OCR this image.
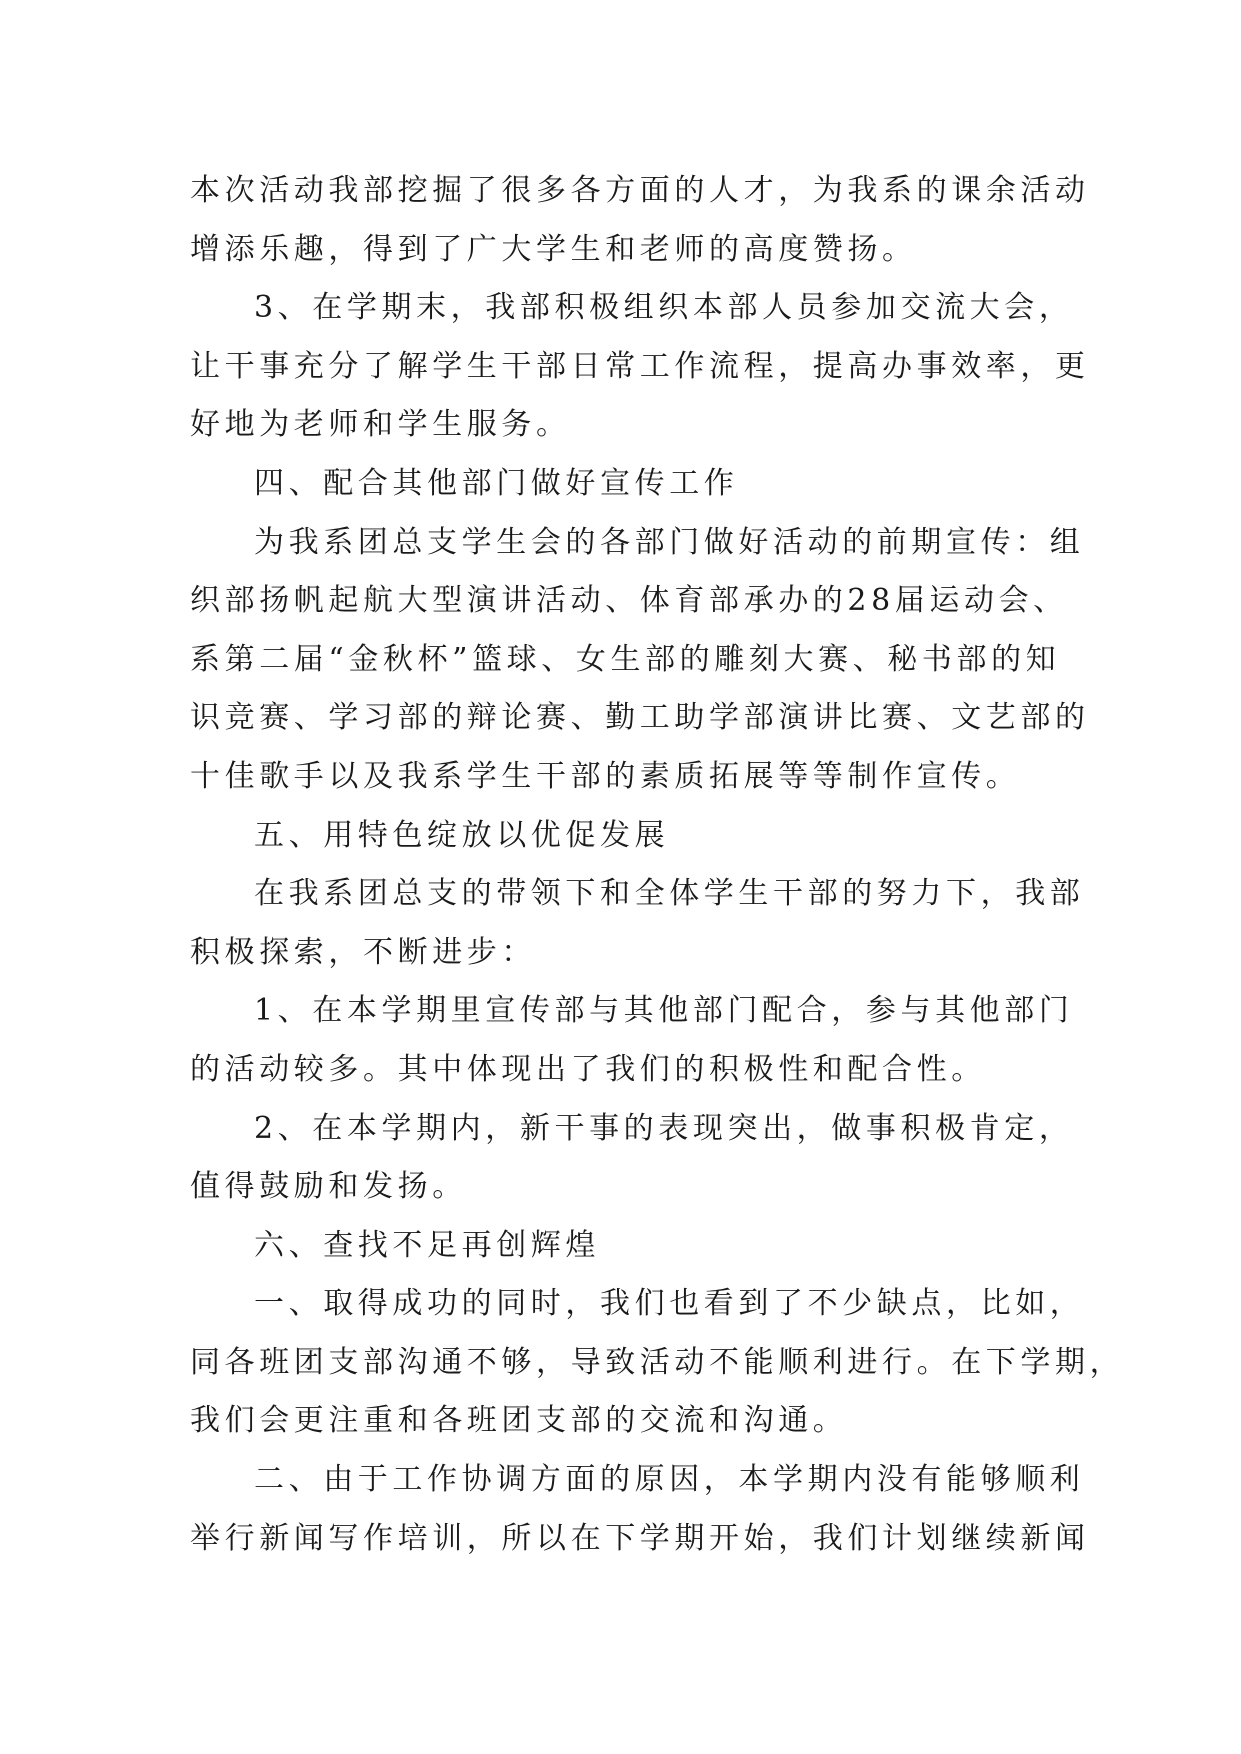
本次活动我部挖掘了很多各方面的人才，为我系的课余活动
增添乐趣，得到了广大学生和老师的高度赞扬。
3、在学期末，我部积极组织本部人员参加交流大会，
让干事充分了解学生干部日常工作流程，提高办事效率，更
好地为老师和学生服务。
四、配合其他部门做好宣传工作
为我系团总支学生会的各部门做好活动的前期宣传：组
织部扬帆起航大型演讲活动、体育部承办的28届运动会、
系第二届“金秋杯”篮球、女生部的雕刻大赛、秘书部的知
识竞赛、学习部的辩论赛、勤工助学部演讲比赛、文艺部的
十佳歌手以及我系学生干部的素质拓展等等制作宣传。
五、用特色绽放以优促发展
在我系团总支的带领下和全体学生干部的努力下，我部
积极探索，不断进步：
1、在本学期里宣传部与其他部门配合，参与其他部门
的活动较多。其中体现出了我们的积极性和配合性。
2、在本学期内，新干事的表现突出，做事积极肯定，
值得鼓励和发扬。
六、查找不足再创辉煌
一、取得成功的同时，我们也看到了不少缺点，比如，
同各班团支部沟通不够，导致活动不能顺利进行。在下学期，
我们会更注重和各班团支部的交流和沟通。
二、由于工作协调方面的原因，本学期内没有能够顺利
举行新闻写作培训，所以在下学期开始，我们计划继续新闻
